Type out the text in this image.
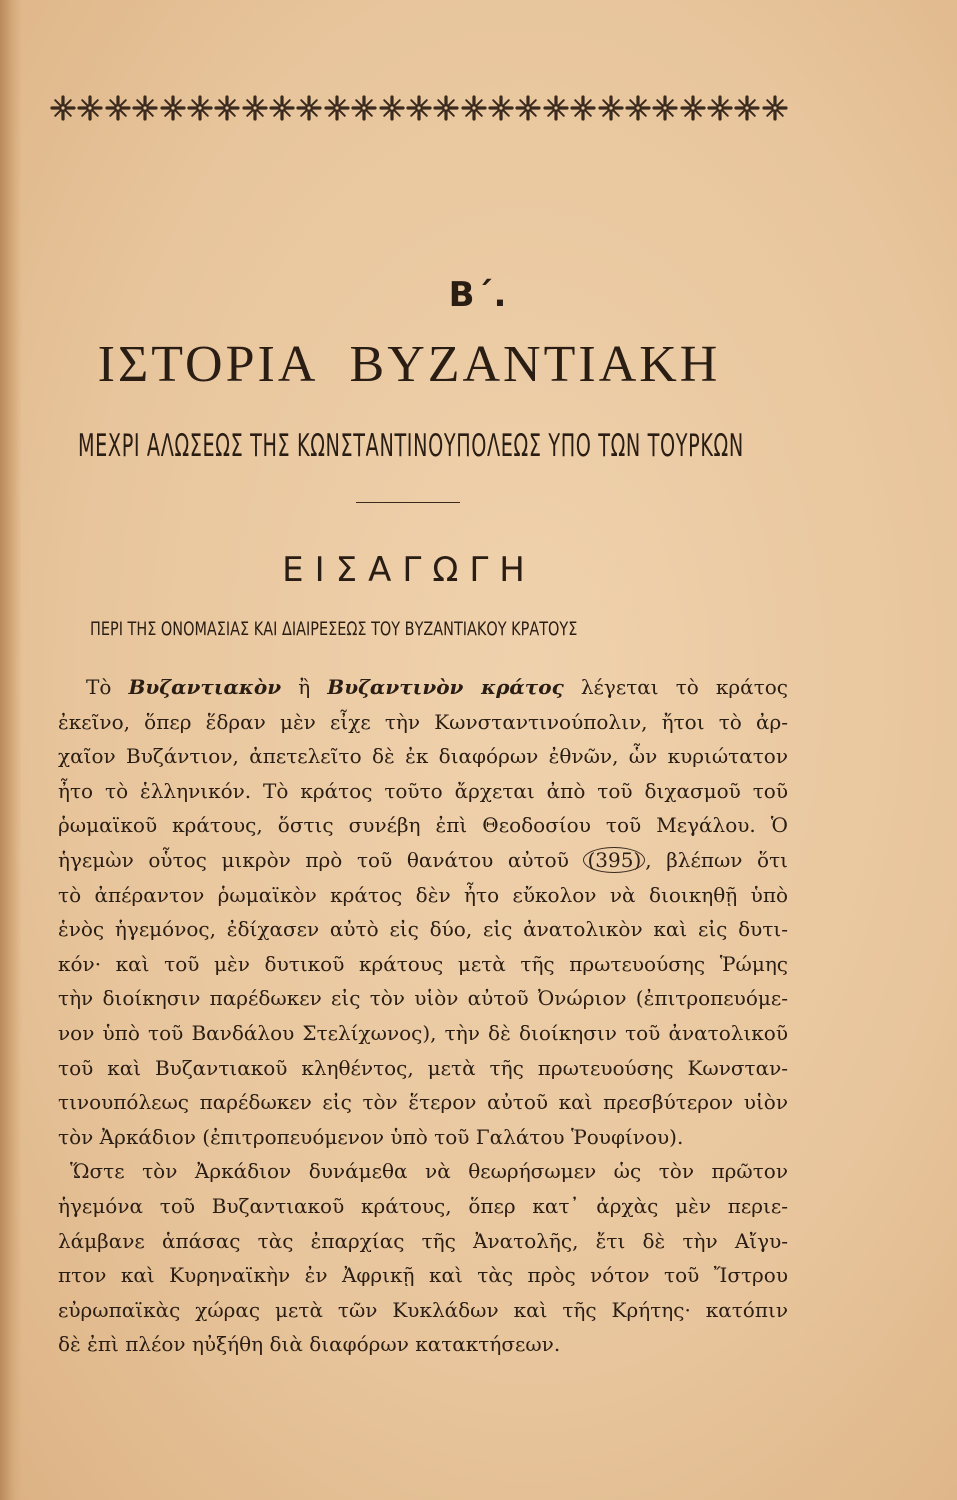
Β΄.
ΙΣΤΟΡΙΑ ΒΥΖΑΝΤΙΑΚΗ
ΜΕΧΡΙ ΑΛΩΣΕΩΣ ΤΗΣ ΚΩΝΣΤΑΝΤΙΝΟΥΠΟΛΕΩΣ ΥΠΟ ΤΩΝ ΤΟΥΡΚΩΝ
ΕΙΣΑΓΩΓΗ
ΠΕΡΙ ΤΗΣ ΟΝΟΜΑΣΙΑΣ ΚΑΙ ΔΙΑΙΡΕΣΕΩΣ ΤΟΥ ΒΥΖΑΝΤΙΑΚΟΥ ΚΡΑΤΟΥΣ
Τὸ Βυζαντιακὸν ἢ Βυζαντινὸν κράτος λέγεται τὸ κράτος
ἐκεῖνο, ὅπερ ἕδραν μὲν εἶχε τὴν Κωνσταντινούπολιν, ἤτοι τὸ ἀρ-
χαῖον Βυζάντιον, ἀπετελεῖτο δὲ ἐκ διαφόρων ἐθνῶν, ὧν κυριώτατον
ἦτο τὸ ἑλληνικόν. Τὸ κράτος τοῦτο ἄρχεται ἀπὸ τοῦ διχασμοῦ τοῦ
ῥωμαϊκοῦ κράτους, ὅστις συνέβη ἐπὶ Θεοδοσίου τοῦ Μεγάλου. Ὁ
ἡγεμὼν οὗτος μικρὸν πρὸ τοῦ θανάτου αὐτοῦ (395) , βλέπων ὅτι
τὸ ἀπέραντον ῥωμαϊκὸν κράτος δὲν ἦτο εὔκολον νὰ διοικηθῇ ὑπὸ
ἑνὸς ἡγεμόνος, ἐδίχασεν αὐτὸ εἰς δύο, εἰς ἀνατολικὸν καὶ εἰς δυτι-
κόν· καὶ τοῦ μὲν δυτικοῦ κράτους μετὰ τῆς πρωτευούσης Ῥώμης
τὴν διοίκησιν παρέδωκεν εἰς τὸν υἱὸν αὐτοῦ Ὀνώριον (ἐπιτροπευόμε-
νον ὑπὸ τοῦ Βανδάλου Στελίχωνος), τὴν δὲ διοίκησιν τοῦ ἀνατολικοῦ
τοῦ καὶ Βυζαντιακοῦ κληθέντος, μετὰ τῆς πρωτευούσης Κωνσταν-
τινουπόλεως παρέδωκεν εἰς τὸν ἕτερον αὐτοῦ καὶ πρεσβύτερον υἱὸν
τὸν Ἀρκάδιον (ἐπιτροπευόμενον ὑπὸ τοῦ Γαλάτου Ῥουφίνου).
Ὥστε τὸν Ἀρκάδιον δυνάμεθα νὰ θεωρήσωμεν ὡς τὸν πρῶτον
ἡγεμόνα τοῦ Βυζαντιακοῦ κράτους, ὅπερ κατ᾽ ἀρχὰς μὲν περιε-
λάμβανε ἁπάσας τὰς ἐπαρχίας τῆς Ἀνατολῆς, ἔτι δὲ τὴν Αἴγυ-
πτον καὶ Κυρηναϊκὴν ἐν Ἀφρικῇ καὶ τὰς πρὸς νότον τοῦ Ἴστρου
εὐρωπαϊκὰς χώρας μετὰ τῶν Κυκλάδων καὶ τῆς Κρήτης· κατόπιν
δὲ ἐπὶ πλέον ηὐξήθη διὰ διαφόρων κατακτήσεων.
